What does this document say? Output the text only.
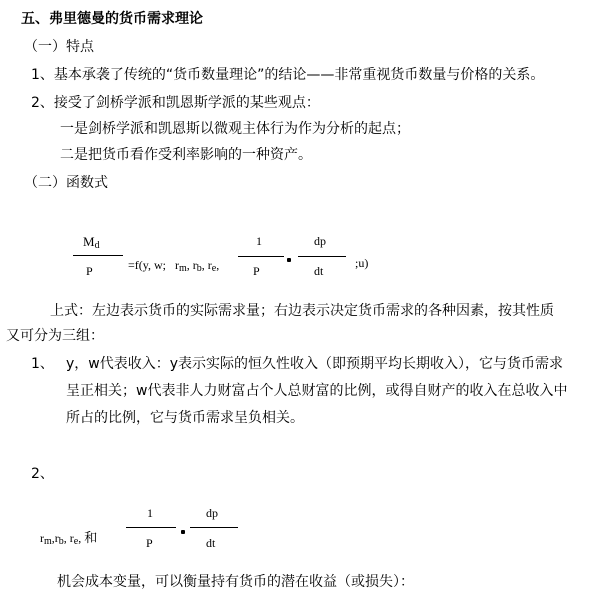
五、弗里德曼的货币需求理论
（一）特点
1、基本承袭了传统的“货币数量理论”的结论——非常重视货币数量与价格的关系。
2、接受了剑桥学派和凯恩斯学派的某些观点：
一是剑桥学派和凯恩斯以微观主体行为作为分析的起点；
二是把货币看作受利率影响的一种资产。
（二）函数式
$M_d$
P	=f(y, w; $r_m$, $r_b$, $r_e$,
1
P
dp
dt
;u)
上式：左边表示货币的实际需求量；右边表示决定货币需求的各种因素，按其性质
又可分为三组：
1、 y，w代表收入：y表示实际的恒久性收入（即预期平均长期收入），它与货币需求
呈正相关；w代表非人力财富占个人总财富的比例，或得自财产的收入在总收入中
所占的比例，它与货币需求呈负相关。
2、
$r_m,r_b$, $r_e$, 和
1
P
dp
dt
机会成本变量，可以衡量持有货币的潜在收益（或损失）：
